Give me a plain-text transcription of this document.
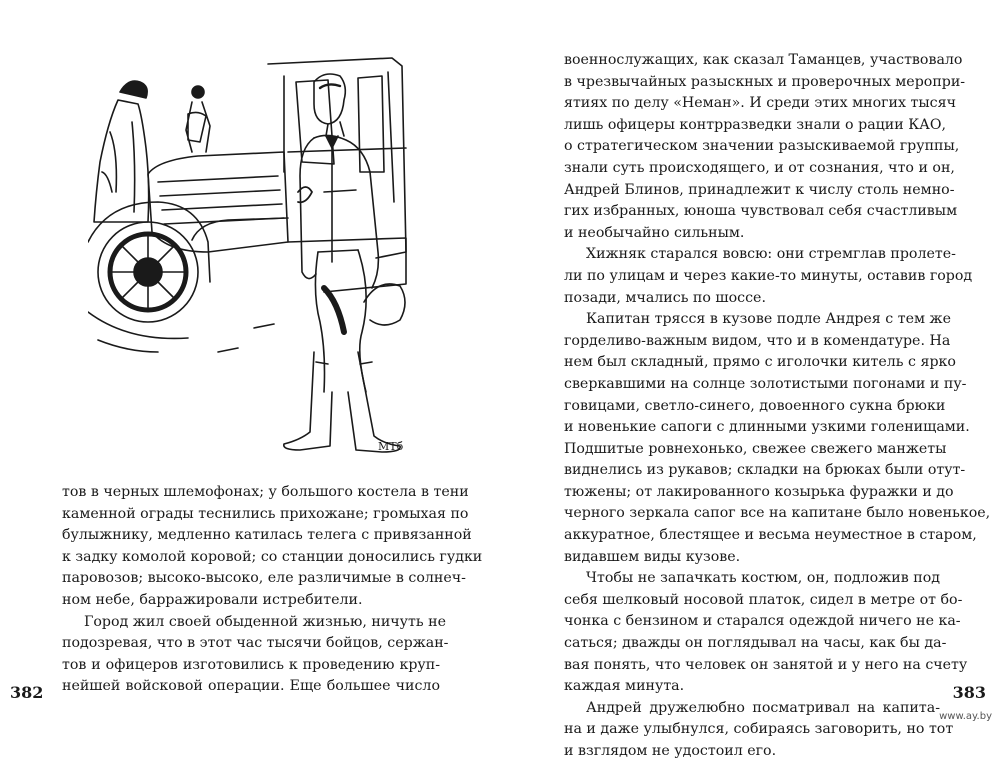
МТб

тов в черных шлемофонах; у большого костела в тени
каменной ограды теснились прихожане; громыхая по
булыжнику, медленно катилась телега с привязанной
к задку комолой коровой; со станции доносились гудки
паровозов; высоко-высоко, еле различимые в солнеч-
ном небе, барражировали истребители.

Город жил своей обыденной жизнью, ничуть не
подозревая, что в этот час тысячи бойцов, сержан-
тов и офицеров изготовились к проведению круп-
нейшей войсковой операции. Еще большее число

382

военнослужащих, как сказал Таманцев, участвовало
в чрезвычайных разыскных и проверочных меропри-
ятиях по делу «Неман». И среди этих многих тысяч
лишь офицеры контрразведки знали о рации КАО,
о стратегическом значении разыскиваемой группы,
знали суть происходящего, и от сознания, что и он,
Андрей Блинов, принадлежит к числу столь немно-
гих избранных, юноша чувствовал себя счастливым
и необычайно сильным.

Хижняк старался вовсю: они стремглав пролете-
ли по улицам и через какие-то минуты, оставив город
позади, мчались по шоссе.

Капитан трясся в кузове подле Андрея с тем же
горделиво-важным видом, что и в комендатуре. На
нем был складный, прямо с иголочки китель с ярко
сверкавшими на солнце золотистыми погонами и пу-
говицами, светло-синего, довоенного сукна брюки
и новенькие сапоги с длинными узкими голенищами.
Подшитые ровнехонько, свежее свежего манжеты
виднелись из рукавов; складки на брюках были отут-
тюжены; от лакированного козырька фуражки и до
черного зеркала сапог все на капитане было новенькое,
аккуратное, блестящее и весьма неуместное в старом,
видавшем виды кузове.

Чтобы не запачкать костюм, он, подложив под
себя шелковый носовой платок, сидел в метре от бо-
чонка с бензином и старался одеждой ничего не ка-
саться; дважды он поглядывал на часы, как бы да-
вая понять, что человек он занятой и у него на счету
каждая минута.

Андрей дружелюбно посматривал на капита-
на и даже улыбнулся, собираясь заговорить, но тот
и взглядом не удостоил его.

383
www.ay.by
